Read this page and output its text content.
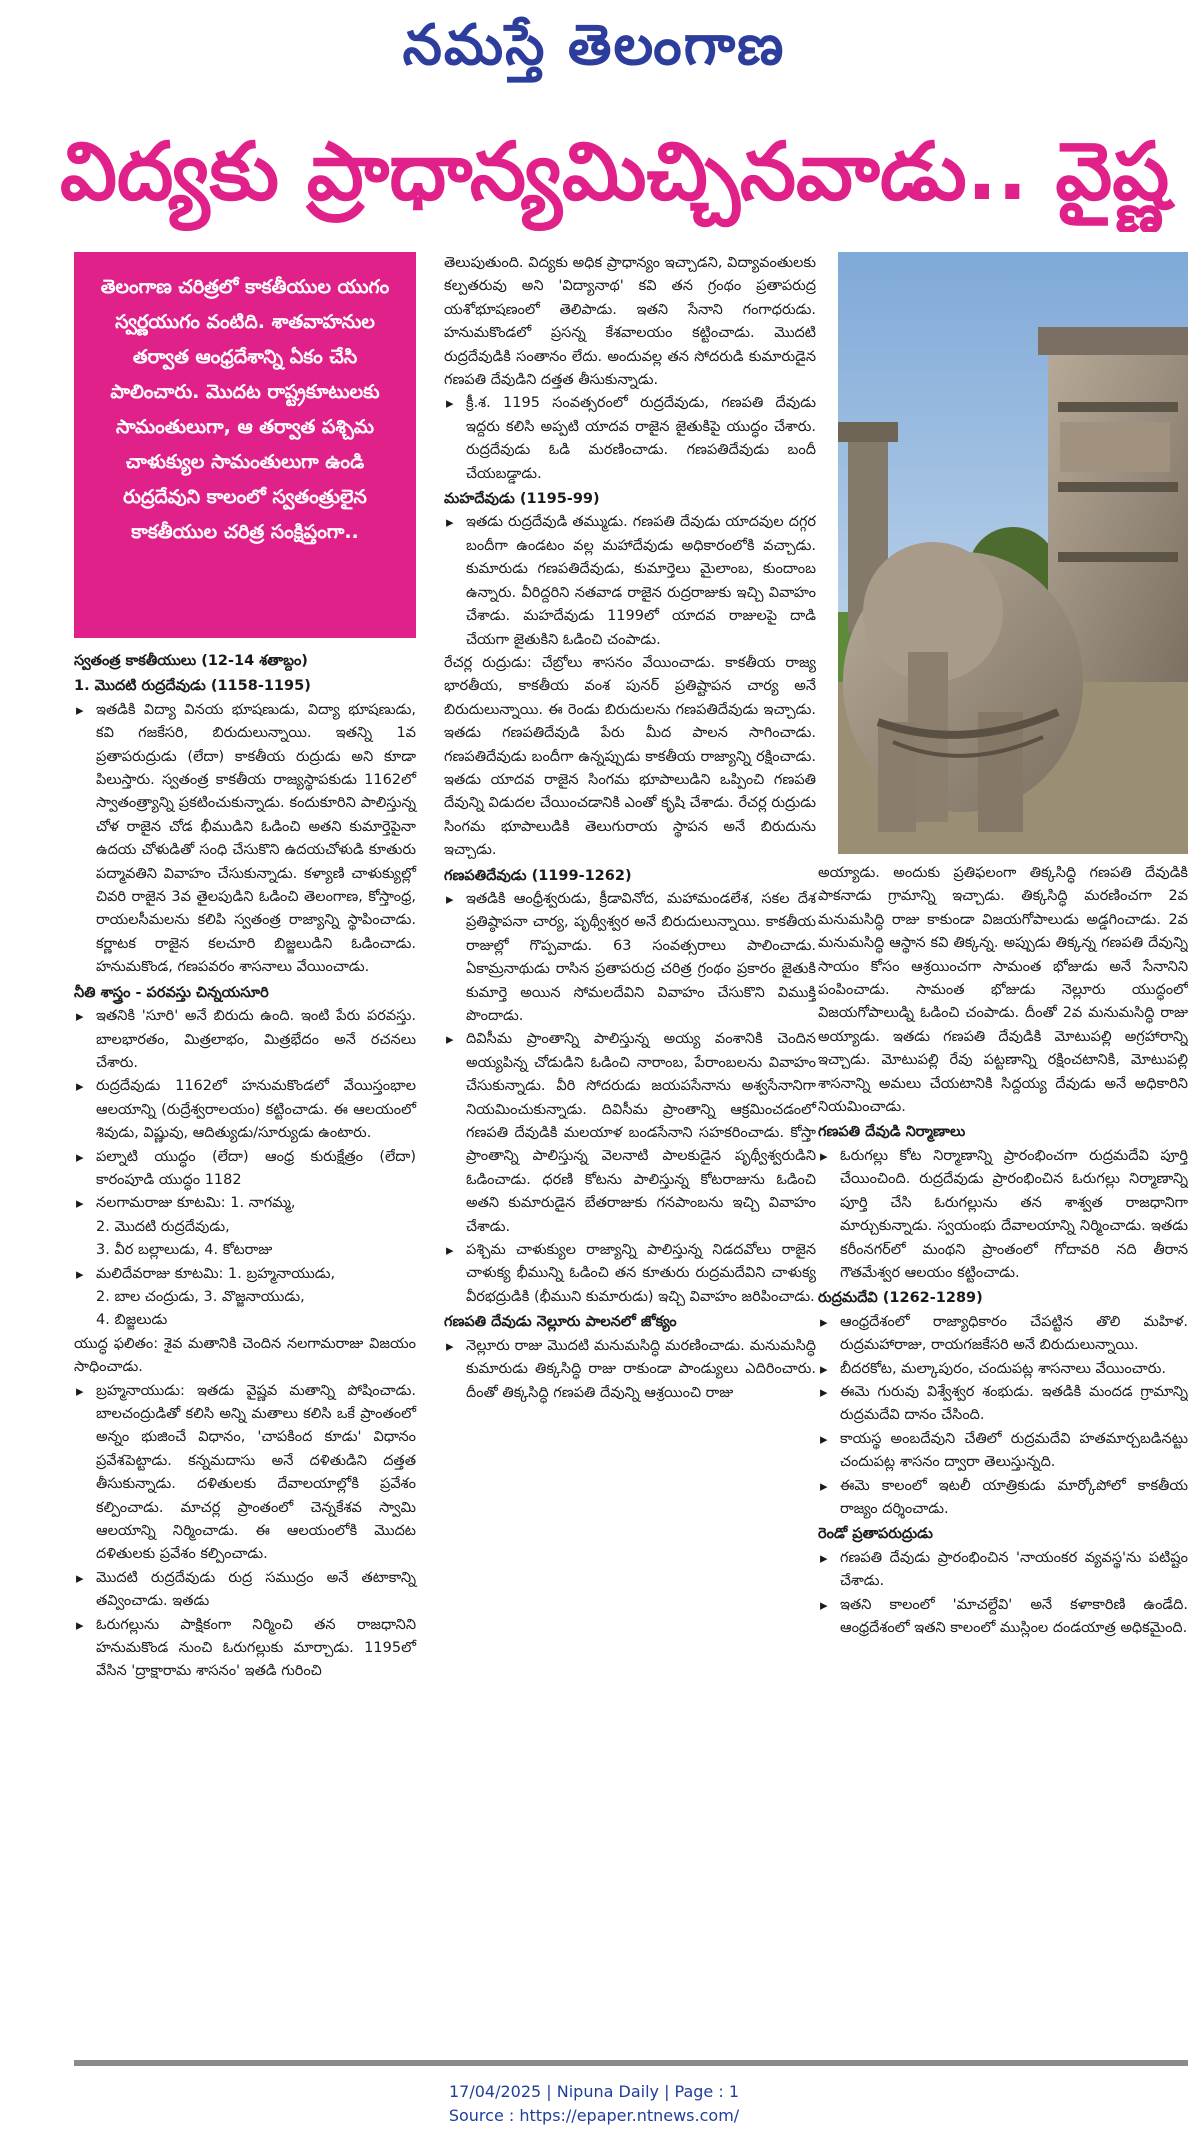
నమస్తే తెలంగాణ
విద్యకు ప్రాధాన్యమిచ్చినవాడు.. వైష్ణ
తెలంగాణ చరిత్రలో కాకతీయుల యుగం స్వర్ణయుగం వంటిది. శాతవాహనుల తర్వాత ఆంధ్రదేశాన్ని ఏకం చేసి పాలించారు. మొదట రాష్ట్రకూటులకు సామంతులుగా, ఆ తర్వాత పశ్చిమ చాళుక్యుల సామంతులుగా ఉండి రుద్రదేవుని కాలంలో స్వతంత్రులైన కాకతీయుల చరిత్ర సంక్షిప్తంగా..

స్వతంత్ర కాకతీయులు (12-14 శతాబ్దం)

1. మొదటి రుద్రదేవుడు (1158-1195)

▸ ఇతడికి విద్యా వినయ భూషణుడు, విద్యా భూషణుడు, కవి గజకేసరి, బిరుదులున్నాయి. ఇతన్ని 1వ ప్రతాపరుద్రుడు (లేదా) కాకతీయ రుద్రుడు అని కూడా పిలుస్తారు. స్వతంత్ర కాకతీయ రాజ్యస్థాపకుడు 1162లో స్వాతంత్ర్యాన్ని ప్రకటించుకున్నాడు. కందుకూరిని పాలిస్తున్న చోళ రాజైన చోడ భీముడిని ఓడించి అతని కుమార్తెపైనా ఉదయ చోళుడితో సంధి చేసుకొని ఉదయచోళుడి కూతురు పద్మావతిని వివాహం చేసుకున్నాడు. కళ్యాణి చాళుక్యుల్లో చివరి రాజైన 3వ తైలపుడిని ఓడించి తెలంగాణ, కోస్తాంధ్ర, రాయలసీమలను కలిపి స్వతంత్ర రాజ్యాన్ని స్థాపించాడు. కర్ణాటక రాజైన కలచూరి బిజ్జలుడిని ఓడించాడు. హనుమకొండ, గణపవరం శాసనాలు వేయించాడు.

నీతి శాస్త్రం - పరవస్తు చిన్నయసూరి

▸ ఇతనికి 'సూరి' అనే బిరుదు ఉంది. ఇంటి పేరు పరవస్తు. బాలభారతం, మిత్రలాభం, మిత్రభేదం అనే రచనలు చేశారు.

▸ రుద్రదేవుడు 1162లో హనుమకొండలో వేయిస్తంభాల ఆలయాన్ని (రుద్రేశ్వరాలయం) కట్టించాడు. ఈ ఆలయంలో శివుడు, విష్ణువు, ఆదిత్యుడు/సూర్యుడు ఉంటారు.

▸ పల్నాటి యుద్ధం (లేదా) ఆంధ్ర కురుక్షేత్రం (లేదా) కారంపూడి యుద్ధం 1182

▸ నలగామరాజు కూటమి: 1. నాగమ్మ,

2. మొదటి రుద్రదేవుడు,

3. వీర బల్లాలుడు, 4. కోటరాజు

▸ మలిదేవరాజు కూటమి: 1. బ్రహ్మనాయుడు,

2. బాల చంద్రుడు, 3. వొజ్జనాయుడు,

4. బిజ్జలుడు

యుద్ధ ఫలితం: శైవ మతానికి చెందిన నలగామరాజు విజయం సాధించాడు.

▸ బ్రహ్మనాయుడు: ఇతడు వైష్ణవ మతాన్ని పోషించాడు. బాలచంద్రుడితో కలిసి అన్ని మతాలు కలిసి ఒకే ప్రాంతంలో అన్నం భుజించే విధానం, 'చాపకింద కూడు' విధానం ప్రవేశపెట్టాడు. కన్నమదాసు అనే దళితుడిని దత్తత తీసుకున్నాడు. దళితులకు దేవాలయాల్లోకి ప్రవేశం కల్పించాడు. మాచర్ల ప్రాంతంలో చెన్నకేశవ స్వామి ఆలయాన్ని నిర్మించాడు. ఈ ఆలయంలోకి మొదట దళితులకు ప్రవేశం కల్పించాడు.

▸ మొదటి రుద్రదేవుడు రుద్ర సముద్రం అనే తటాకాన్ని తవ్వించాడు. ఇతడు

▸ ఓరుగల్లును పాక్షికంగా నిర్మించి తన రాజధానిని హనుమకొండ నుంచి ఓరుగల్లుకు మార్చాడు. 1195లో వేసిన 'ద్రాక్షారామ శాసనం' ఇతడి గురించి

తెలుపుతుంది. విద్యకు అధిక ప్రాధాన్యం ఇచ్చాడని, విద్యావంతులకు కల్పతరువు అని 'విద్యానాథ' కవి తన గ్రంథం ప్రతాపరుద్ర యశోభూషణంలో తెలిపాడు. ఇతని సేనాని గంగాధరుడు. హనుమకొండలో ప్రసన్న కేశవాలయం కట్టించాడు. మొదటి రుద్రదేవుడికి సంతానం లేదు. అందువల్ల తన సోదరుడి కుమారుడైన గణపతి దేవుడిని దత్తత తీసుకున్నాడు.

▸ క్రీ.శ. 1195 సంవత్సరంలో రుద్రదేవుడు, గణపతి దేవుడు ఇద్దరు కలిసి అప్పటి యాదవ రాజైన జైతుకిపై యుద్ధం చేశారు. రుద్రదేవుడు ఓడి మరణించాడు. గణపతిదేవుడు బందీ చేయబడ్డాడు.

మహదేవుడు (1195-99)

▸ ఇతడు రుద్రదేవుడి తమ్ముడు. గణపతి దేవుడు యాదవుల దగ్గర బందీగా ఉండటం వల్ల మహాదేవుడు అధికారంలోకి వచ్చాడు. కుమారుడు గణపతిదేవుడు, కుమార్తెలు మైలాంబ, కుందాంబ ఉన్నారు. వీరిద్దరిని నతవాడ రాజైన రుద్రరాజుకు ఇచ్చి వివాహం చేశాడు. మహదేవుడు 1199లో యాదవ రాజులపై దాడి చేయగా జైతుకిని ఓడించి చంపాడు.

రేచర్ల రుద్రుడు: చేబ్రోలు శాసనం వేయించాడు. కాకతీయ రాజ్య భారతీయ, కాకతీయ వంశ పునర్ ప్రతిష్టాపన చార్య అనే బిరుదులున్నాయి. ఈ రెండు బిరుదులను గణపతిదేవుడు ఇచ్చాడు. ఇతడు గణపతిదేవుడి పేరు మీద పాలన సాగించాడు. గణపతిదేవుడు బందీగా ఉన్నప్పుడు కాకతీయ రాజ్యాన్ని రక్షించాడు. ఇతడు యాదవ రాజైన సింగమ భూపాలుడిని ఒప్పించి గణపతి దేవున్ని విడుదల చేయించడానికి ఎంతో కృషి చేశాడు. రేచర్ల రుద్రుడు సింగమ భూపాలుడికి తెలుగురాయ స్థాపన అనే బిరుదును ఇచ్చాడు.

గణపతిదేవుడు (1199-1262)

▸ ఇతడికి ఆంధ్రీశ్వరుడు, క్రీడావినోద, మహామండలేశ, సకల దేశ ప్రతిష్ఠాపనా చార్య, పృథ్వీశ్వర అనే బిరుదులున్నాయి. కాకతీయ రాజుల్లో గొప్పవాడు. 63 సంవత్సరాలు పాలించాడు. ఏకామ్రనాథుడు రాసిన ప్రతాపరుద్ర చరిత్ర గ్రంథం ప్రకారం జైతుకి కుమార్తె అయిన సోమలదేవిని వివాహం చేసుకొని విముక్తి పొందాడు.

▸ దివిసీమ ప్రాంతాన్ని పాలిస్తున్న అయ్య వంశానికి చెందిన అయ్యపిన్న చోడుడిని ఓడించి నారాంబ, పేరాంబలను వివాహం చేసుకున్నాడు. వీరి సోదరుడు జయపసేనాను అశ్వసేనానిగా నియమించుకున్నాడు. దివిసీమ ప్రాంతాన్ని ఆక్రమించడంలో గణపతి దేవుడికి మలయాళ బండసేనాని సహకరించాడు. కోస్తా ప్రాంతాన్ని పాలిస్తున్న వెలనాటి పాలకుడైన పృథ్వీశ్వరుడిని ఓడించాడు. ధరణి కోటను పాలిస్తున్న కోటరాజును ఓడించి అతని కుమారుడైన బేతరాజుకు గనపాంబను ఇచ్చి వివాహం చేశాడు.

▸ పశ్చిమ చాళుక్యుల రాజ్యాన్ని పాలిస్తున్న నిడదవోలు రాజైన చాళుక్య భీమున్ని ఓడించి తన కూతురు రుద్రమదేవిని చాళుక్య వీరభద్రుడికి (భీముని కుమారుడు) ఇచ్చి వివాహం జరిపించాడు.

గణపతి దేవుడు నెల్లూరు పాలనలో జోక్యం

▸ నెల్లూరు రాజు మొదటి మనుమసిద్ధి మరణించాడు. మనుమసిద్ధి కుమారుడు తిక్కసిద్ధి రాజు రాకుండా పాండ్యులు ఎదిరించారు. దీంతో తిక్కసిద్ధి గణపతి దేవున్ని ఆశ్రయించి రాజు

అయ్యాడు. అందుకు ప్రతిఫలంగా తిక్కసిద్ధి గణపతి దేవుడికి పాకనాడు గ్రామాన్ని ఇచ్చాడు. తిక్కసిద్ధి మరణించగా 2వ మనుమసిద్ధి రాజు కాకుండా విజయగోపాలుడు అడ్డగించాడు. 2వ మనుమసిద్ధి ఆస్థాన కవి తిక్కన్న. అప్పుడు తిక్కన్న గణపతి దేవున్ని సాయం కోసం ఆశ్రయించగా సామంత భోజుడు అనే సేనానిని పంపించాడు. సామంత భోజుడు నెల్లూరు యుద్ధంలో విజయగోపాలుడ్ని ఓడించి చంపాడు. దీంతో 2వ మనుమసిద్ధి రాజు అయ్యాడు. ఇతడు గణపతి దేవుడికి మోటుపల్లి అగ్రహారాన్ని ఇచ్చాడు. మోటుపల్లి రేవు పట్టణాన్ని రక్షించటానికి, మోటుపల్లి శాసనాన్ని అమలు చేయటానికి సిద్దయ్య దేవుడు అనే అధికారిని నియమించాడు.

గణపతి దేవుడి నిర్మాణాలు

▸ ఓరుగల్లు కోట నిర్మాణాన్ని ప్రారంభించగా రుద్రమదేవి పూర్తి చేయించింది. రుద్రదేవుడు ప్రారంభించిన ఓరుగల్లు నిర్మాణాన్ని పూర్తి చేసి ఓరుగల్లును తన శాశ్వత రాజధానిగా మార్చుకున్నాడు. స్వయంభు దేవాలయాన్ని నిర్మించాడు. ఇతడు కరీంనగర్‌లో మంథని ప్రాంతంలో గోదావరి నది తీరాన గౌతమేశ్వర ఆలయం కట్టించాడు.

రుద్రమదేవి (1262-1289)

▸ ఆంధ్రదేశంలో రాజ్యాధికారం చేపట్టిన తొలి మహిళ. రుద్రమహారాజు, రాయగజకేసరి అనే బిరుదులున్నాయి.

▸ బీదరకోట, మల్కాపురం, చందుపట్ల శాసనాలు వేయించారు.

▸ ఈమె గురువు విశ్వేశ్వర శంభుడు. ఇతడికి మందడ గ్రామాన్ని రుద్రమదేవి దానం చేసింది.

▸ కాయస్థ అంబదేవుని చేతిలో రుద్రమదేవి హతమార్చబడినట్టు చందుపట్ల శాసనం ద్వారా తెలుస్తున్నది.

▸ ఈమె కాలంలో ఇటలీ యాత్రికుడు మార్కోపోలో కాకతీయ రాజ్యం దర్శించాడు.

రెండో ప్రతాపరుద్రుడు

▸ గణపతి దేవుడు ప్రారంభించిన 'నాయంకర వ్యవస్థ'ను పటిష్టం చేశాడు.

▸ ఇతని కాలంలో 'మాచల్దేవి' అనే కళాకారిణి ఉండేది. ఆంధ్రదేశంలో ఇతని కాలంలో ముస్లింల దండయాత్ర అధికమైంది.

17/04/2025 | Nipuna Daily | Page : 1
Source : https://epaper.ntnews.com/
